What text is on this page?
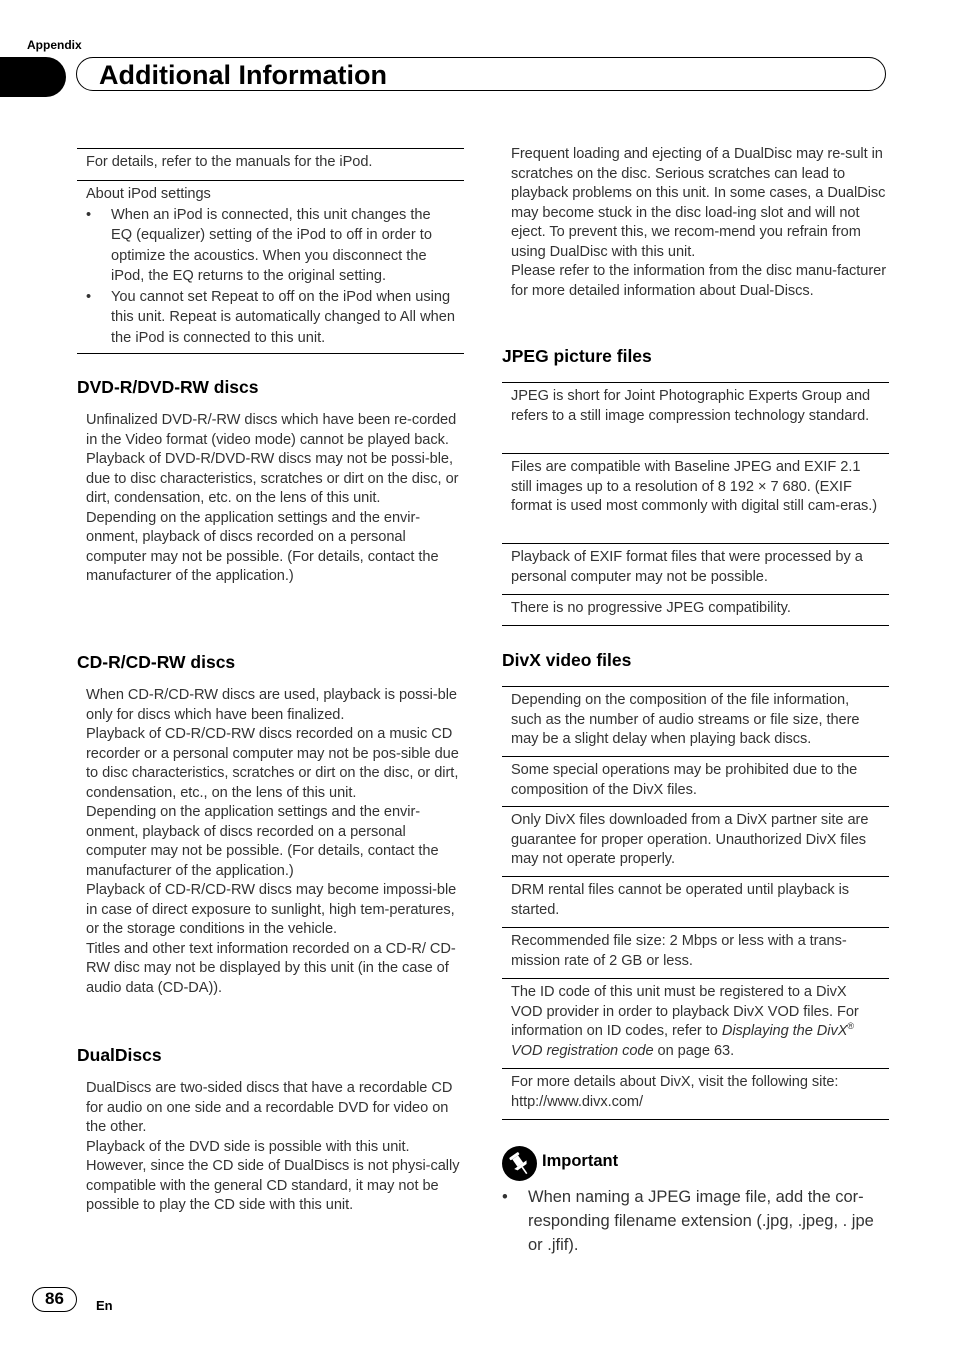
Appendix
Additional Information

For details, refer to the manuals for the iPod.

About iPod settings

• When an iPod is connected, this unit changes the EQ (equalizer) setting of the iPod to off in order to optimize the acoustics. When you disconnect the iPod, the EQ returns to the original setting.
• You cannot set Repeat to off on the iPod when using this unit. Repeat is automatically changed to All when the iPod is connected to this unit.
DVD-R/DVD-RW discs

Unfinalized DVD-R/-RW discs which have been re-corded in the Video format (video mode) cannot be played back.

Playback of DVD-R/DVD-RW discs may not be possi-ble, due to disc characteristics, scratches or dirt on the disc, or dirt, condensation, etc. on the lens of this unit.

Depending on the application settings and the envir-onment, playback of discs recorded on a personal computer may not be possible. (For details, contact the manufacturer of the application.)

CD-R/CD-RW discs

When CD-R/CD-RW discs are used, playback is possi-ble only for discs which have been finalized.

Playback of CD-R/CD-RW discs recorded on a music CD recorder or a personal computer may not be pos-sible due to disc characteristics, scratches or dirt on the disc, or dirt, condensation, etc., on the lens of this unit.

Depending on the application settings and the envir-onment, playback of discs recorded on a personal computer may not be possible. (For details, contact the manufacturer of the application.)

Playback of CD-R/CD-RW discs may become impossi-ble in case of direct exposure to sunlight, high tem-peratures, or the storage conditions in the vehicle.

Titles and other text information recorded on a CD-R/ CD-RW disc may not be displayed by this unit (in the case of audio data (CD-DA)).

DualDiscs

DualDiscs are two-sided discs that have a recordable CD for audio on one side and a recordable DVD for video on the other.

Playback of the DVD side is possible with this unit. However, since the CD side of DualDiscs is not physi-cally compatible with the general CD standard, it may not be possible to play the CD side with this unit.

Frequent loading and ejecting of a DualDisc may re-sult in scratches on the disc. Serious scratches can lead to playback problems on this unit. In some cases, a DualDisc may become stuck in the disc load-ing slot and will not eject. To prevent this, we recom-mend you refrain from using DualDisc with this unit.

Please refer to the information from the disc manu-facturer for more detailed information about Dual-Discs.

JPEG picture files

JPEG is short for Joint Photographic Experts Group and refers to a still image compression technology standard.

Files are compatible with Baseline JPEG and EXIF 2.1 still images up to a resolution of 8 192 × 7 680. (EXIF format is used most commonly with digital still cam-eras.)

Playback of EXIF format files that were processed by a personal computer may not be possible.

There is no progressive JPEG compatibility.

DivX video files

Depending on the composition of the file information, such as the number of audio streams or file size, there may be a slight delay when playing back discs.

Some special operations may be prohibited due to the composition of the DivX files.

Only DivX files downloaded from a DivX partner site are guarantee for proper operation. Unauthorized DivX files may not operate properly.

DRM rental files cannot be operated until playback is started.

Recommended file size: 2 Mbps or less with a trans-mission rate of 2 GB or less.

The ID code of this unit must be registered to a DivX VOD provider in order to playback DivX VOD files. For information on ID codes, refer to Displaying the DivX®
VOD registration code on page 63.

For more details about DivX, visit the following site: http://www.divx.com/

Important
• When naming a JPEG image file, add the cor-responding filename extension (.jpg, .jpeg, . jpe or .jfif).
86	En
